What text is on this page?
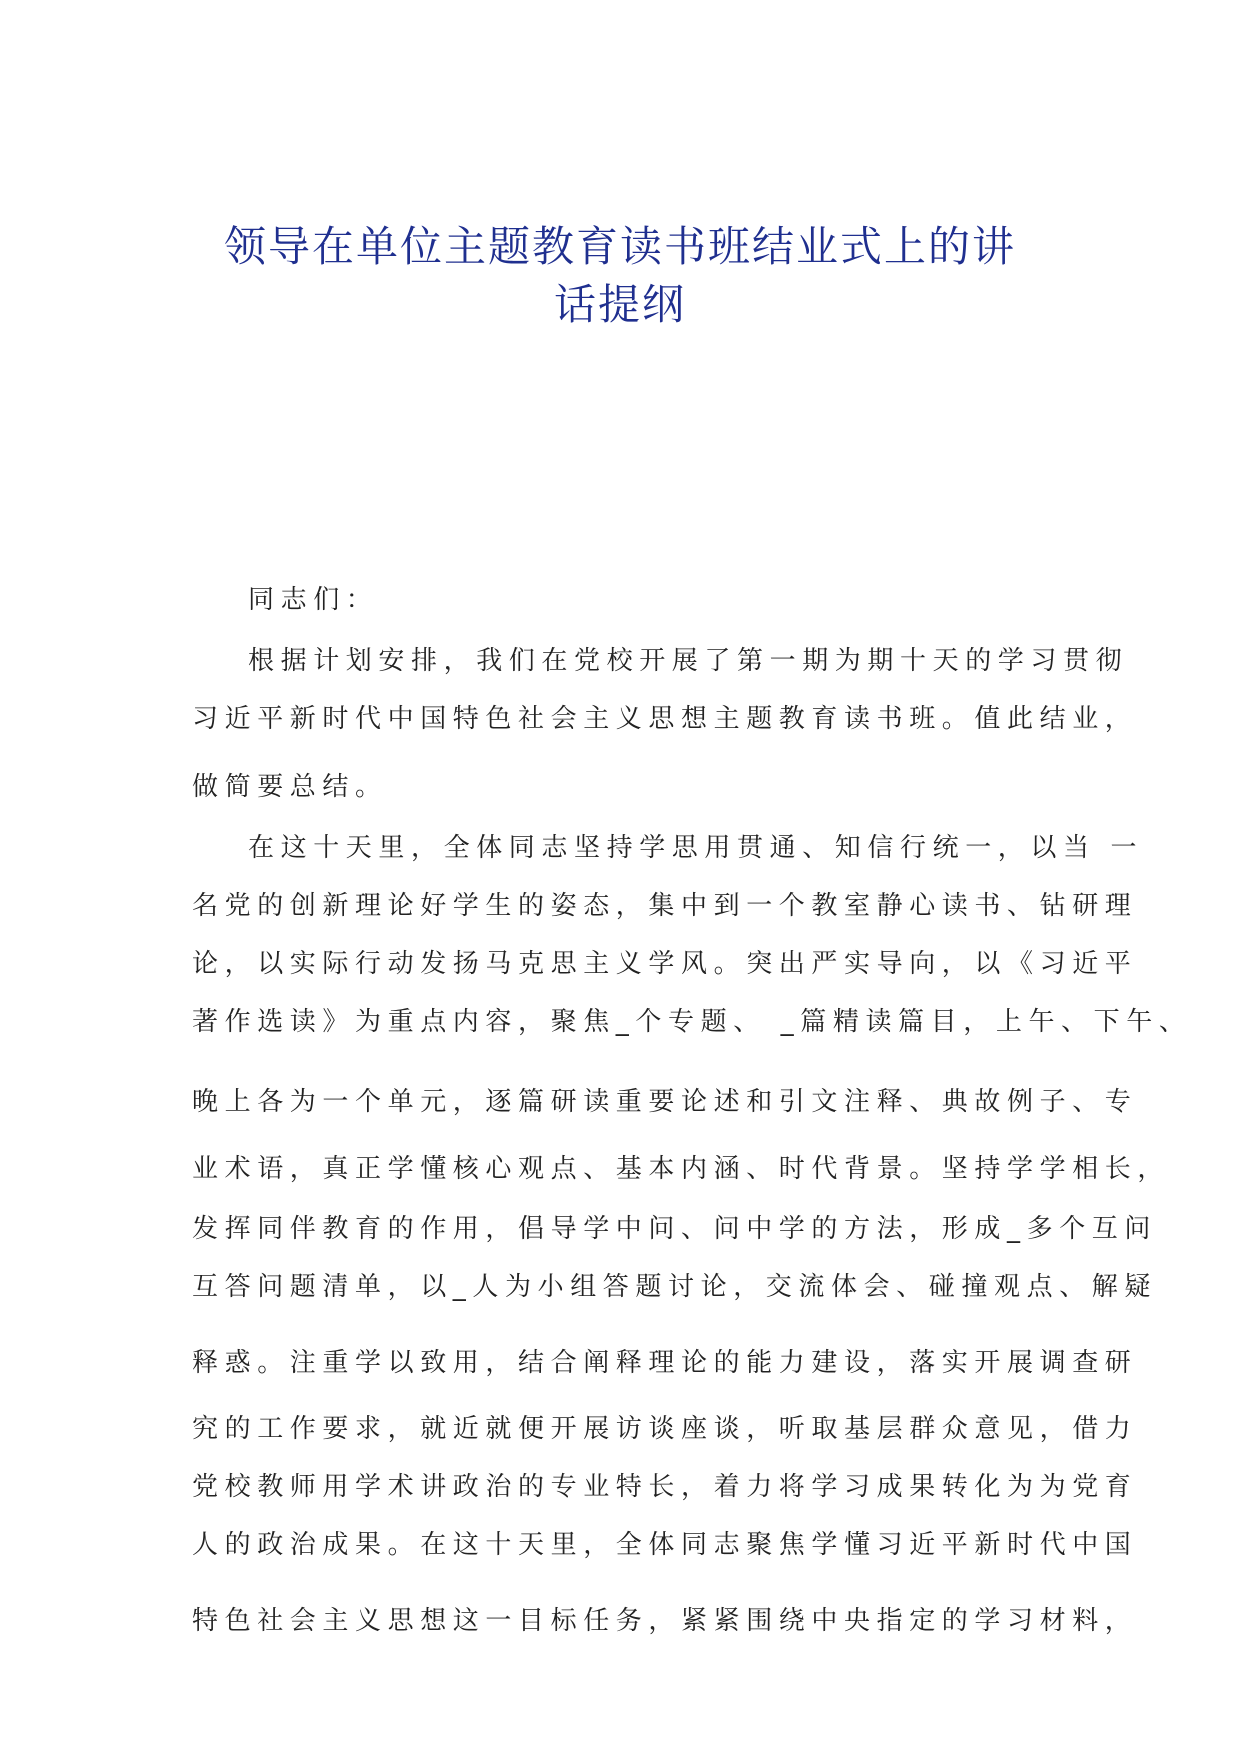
领导在单位主题教育读书班结业式上的讲
话提纲
同志们：
根据计划安排，我们在党校开展了第一期为期十天的学习贯彻
习近平新时代中国特色社会主义思想主题教育读书班。值此结业，
做简要总结。
在这十天里，全体同志坚持学思用贯通、知信行统一，以当 一
名党的创新理论好学生的姿态，集中到一个教室静心读书、钻研理
论，以实际行动发扬马克思主义学风。突出严实导向，以《习近平
著作选读》为重点内容，聚焦_个专题、 _篇精读篇目，上午、下午、
晚上各为一个单元，逐篇研读重要论述和引文注释、典故例子、专
业术语，真正学懂核心观点、基本内涵、时代背景。坚持学学相长，
发挥同伴教育的作用，倡导学中问、问中学的方法，形成_多个互问
互答问题清单，以_人为小组答题讨论，交流体会、碰撞观点、解疑
释惑。注重学以致用，结合阐释理论的能力建设，落实开展调查研
究的工作要求，就近就便开展访谈座谈，听取基层群众意见，借力
党校教师用学术讲政治的专业特长，着力将学习成果转化为为党育
人的政治成果。在这十天里，全体同志聚焦学懂习近平新时代中国
特色社会主义思想这一目标任务，紧紧围绕中央指定的学习材料，
